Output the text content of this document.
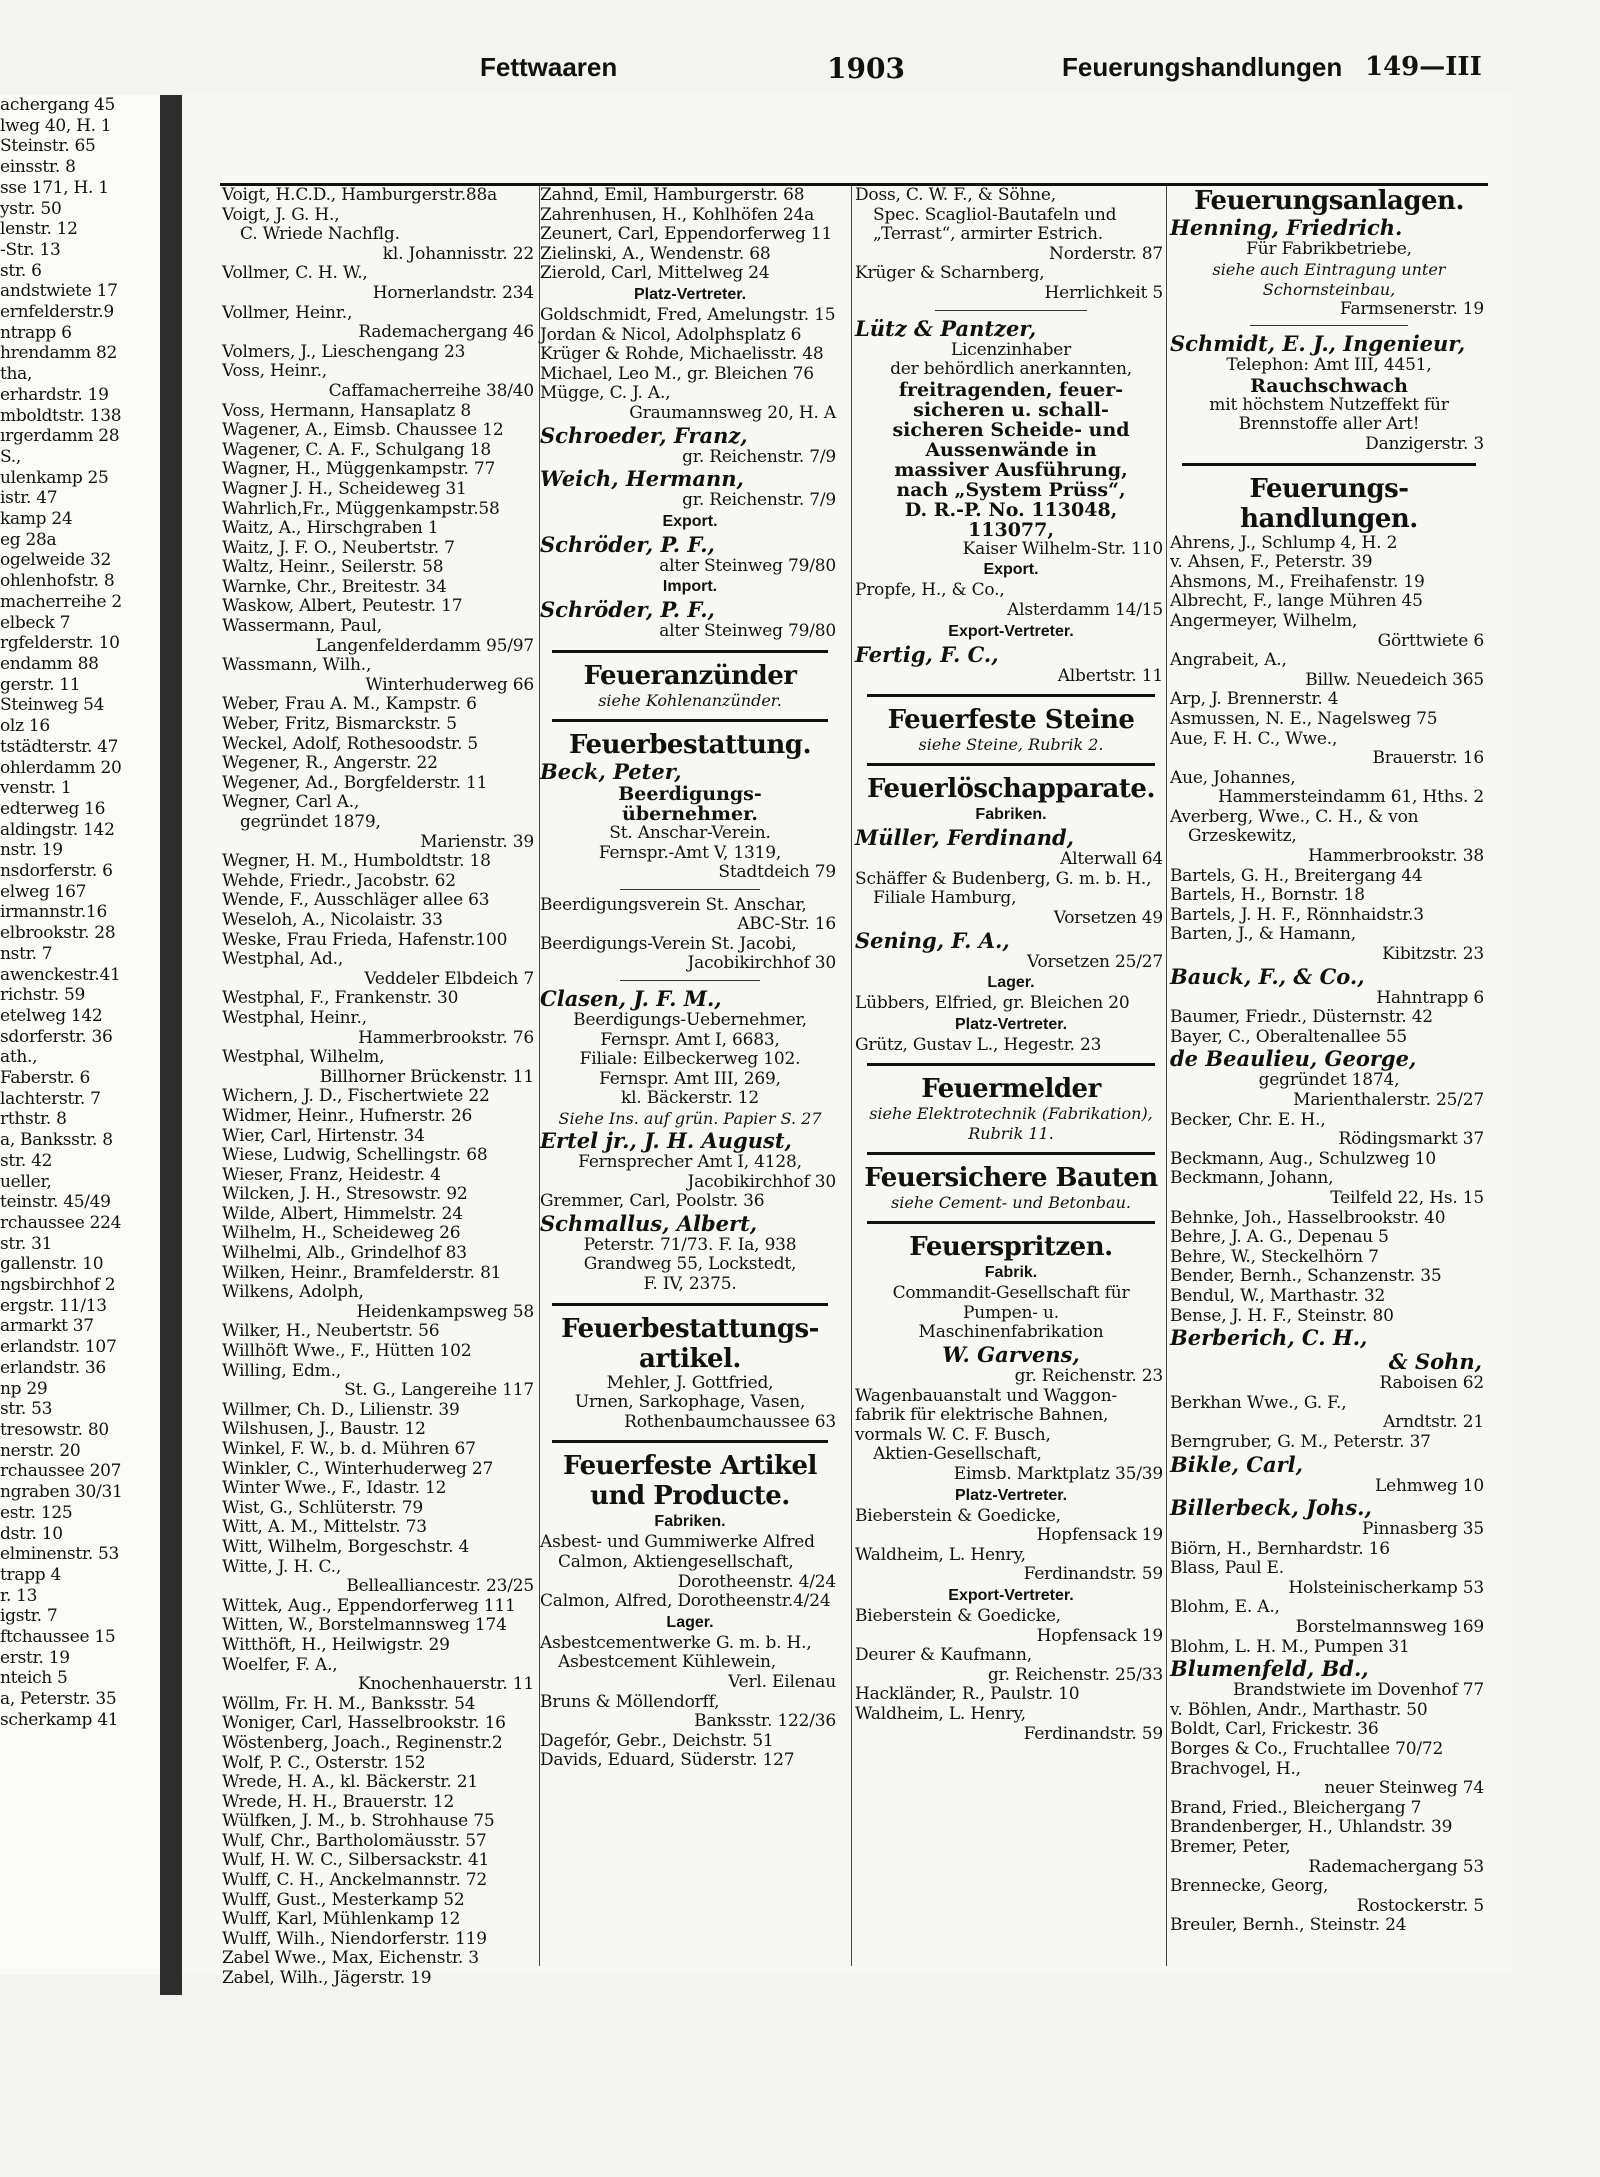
achergang 45
lweg 40, H. 1
Steinstr. 65
einsstr. 8
sse 171, H. 1
ystr. 50
lenstr. 12
-Str. 13
str. 6
andstwiete 17
ernfelderstr.9
ntrapp 6
hrendamm 82
tha,
erhardstr. 19
mboldtstr. 138
ırgerdamm 28
S.,
ulenkamp 25
istr. 47
kamp 24
eg 28a
ogelweide 32
ohlenhofstr. 8
macherreihe 2
elbeck 7
rgfelderstr. 10
endamm 88
gerstr. 11
Steinweg 54
olz 16
tstädterstr. 47
ohlerdamm 20
venstr. 1
edterweg 16
aldingstr. 142
nstr. 19
nsdorferstr. 6
elweg 167
irmannstr.16
elbrookstr. 28
nstr. 7
awenckestr.41
richstr. 59
etelweg 142
sdorferstr. 36
ath.,
Faberstr. 6
lachterstr. 7
rthstr. 8
a, Banksstr. 8
str. 42
ueller,
teinstr. 45/49
rchaussee 224
str. 31
gallenstr. 10
ngsbirchhof 2
ergstr. 11/13
armarkt 37
erlandstr. 107
erlandstr. 36
np 29
str. 53
tresowstr. 80
nerstr. 20
rchaussee 207
ngraben 30/31
estr. 125
dstr. 10
elminenstr. 53
trapp 4
r. 13
igstr. 7
ftchaussee 15
erstr. 19
nteich 5
a, Peterstr. 35
scherkamp 41
Fettwaaren	1903	Feuerungshandlungen 149—III
Voigt, H.C.D., Hamburgerstr.88a
Voigt, J. G. H.,
C. Wriede Nachflg.
kl. Johannisstr. 22
Vollmer, C. H. W.,
Hornerlandstr. 234
Vollmer, Heinr.,
Rademachergang 46
Volmers, J., Lieschengang 23
Voss, Heinr.,
Caffamacherreihe 38/40
Voss, Hermann, Hansaplatz 8
Wagener, A., Eimsb. Chaussee 12
Wagener, C. A. F., Schulgang 18
Wagner, H., Müggenkampstr. 77
Wagner J. H., Scheideweg 31
Wahrlich,Fr., Müggenkampstr.58
Waitz, A., Hirschgraben 1
Waitz, J. F. O., Neubertstr. 7
Waltz, Heinr., Seilerstr. 58
Warnke, Chr., Breitestr. 34
Waskow, Albert, Peutestr. 17
Wassermann, Paul,
Langenfelderdamm 95/97
Wassmann, Wilh.,
Winterhuderweg 66
Weber, Frau A. M., Kampstr. 6
Weber, Fritz, Bismarckstr. 5
Weckel, Adolf, Rothesoodstr. 5
Wegener, R., Angerstr. 22
Wegener, Ad., Borgfelderstr. 11
Wegner, Carl A.,
gegründet 1879,
Marienstr. 39
Wegner, H. M., Humboldtstr. 18
Wehde, Friedr., Jacobstr. 62
Wende, F., Ausschläger allee 63
Weseloh, A., Nicolaistr. 33
Weske, Frau Frieda, Hafenstr.100
Westphal, Ad.,
Veddeler Elbdeich 7
Westphal, F., Frankenstr. 30
Westphal, Heinr.,
Hammerbrookstr. 76
Westphal, Wilhelm,
Billhorner Brückenstr. 11
Wichern, J. D., Fischertwiete 22
Widmer, Heinr., Hufnerstr. 26
Wier, Carl, Hirtenstr. 34
Wiese, Ludwig, Schellingstr. 68
Wieser, Franz, Heidestr. 4
Wilcken, J. H., Stresowstr. 92
Wilde, Albert, Himmelstr. 24
Wilhelm, H., Scheideweg 26
Wilhelmi, Alb., Grindelhof 83
Wilken, Heinr., Bramfelderstr. 81
Wilkens, Adolph,
Heidenkampsweg 58
Wilker, H., Neubertstr. 56
Willhöft Wwe., F., Hütten 102
Willing, Edm.,
St. G., Langereihe 117
Willmer, Ch. D., Lilienstr. 39
Wilshusen, J., Baustr. 12
Winkel, F. W., b. d. Mühren 67
Winkler, C., Winterhuderweg 27
Winter Wwe., F., Idastr. 12
Wist, G., Schlüterstr. 79
Witt, A. M., Mittelstr. 73
Witt, Wilhelm, Borgeschstr. 4
Witte, J. H. C.,
Bellealliancestr. 23/25
Wittek, Aug., Eppendorferweg 111
Witten, W., Borstelmannsweg 174
Witthöft, H., Heilwigstr. 29
Woelfer, F. A.,
Knochenhauerstr. 11
Wöllm, Fr. H. M., Banksstr. 54
Woniger, Carl, Hasselbrookstr. 16
Wöstenberg, Joach., Reginenstr.2
Wolf, P. C., Osterstr. 152
Wrede, H. A., kl. Bäckerstr. 21
Wrede, H. H., Brauerstr. 12
Wülfken, J. M., b. Strohhause 75
Wulf, Chr., Bartholomäusstr. 57
Wulf, H. W. C., Silbersackstr. 41
Wulff, C. H., Anckelmannstr. 72
Wulff, Gust., Mesterkamp 52
Wulff, Karl, Mühlenkamp 12
Wulff, Wilh., Niendorferstr. 119
Zabel Wwe., Max, Eichenstr. 3
Zabel, Wilh., Jägerstr. 19
Zahnd, Emil, Hamburgerstr. 68
Zahrenhusen, H., Kohlhöfen 24a
Zeunert, Carl, Eppendorferweg 11
Zielinski, A., Wendenstr. 68
Zierold, Carl, Mittelweg 24
Platz-Vertreter.
Goldschmidt, Fred, Amelungstr. 15
Jordan & Nicol, Adolphsplatz 6
Krüger & Rohde, Michaelisstr. 48
Michael, Leo M., gr. Bleichen 76
Mügge, C. J. A.,
Graumannsweg 20, H. A
Schroeder, Franz,
gr. Reichenstr. 7/9
Weich, Hermann,
gr. Reichenstr. 7/9
Export.
Schröder, P. F.,
alter Steinweg 79/80
Import.
Schröder, P. F.,
alter Steinweg 79/80
Feueranzünder
siehe Kohlenanzünder.
Feuerbestattung.
Beck, Peter,
Beerdigungs-
übernehmer.
St. Anschar-Verein.
Fernspr.-Amt V, 1319,
Stadtdeich 79
Beerdigungsverein St. Anschar,
ABC-Str. 16
Beerdigungs-Verein St. Jacobi,
Jacobikirchhof 30
Clasen, J. F. M.,
Beerdigungs-Uebernehmer,
Fernspr. Amt I, 6683,
Filiale: Eilbeckerweg 102.
Fernspr. Amt III, 269,
kl. Bäckerstr. 12
Siehe Ins. auf grün. Papier S. 27
Ertel jr., J. H. August,
Fernsprecher Amt I, 4128,
Jacobikirchhof 30
Gremmer, Carl, Poolstr. 36
Schmallus, Albert,
Peterstr. 71/73. F. Ia, 938
Grandweg 55, Lockstedt,
F. IV, 2375.
Feuerbestattungs-
artikel.
Mehler, J. Gottfried,
Urnen, Sarkophage, Vasen,
Rothenbaumchaussee 63
Feuerfeste Artikel
und Producte.
Fabriken.
Asbest- und Gummiwerke Alfred
Calmon, Aktiengesellschaft,
Dorotheenstr. 4/24
Calmon, Alfred, Dorotheenstr.4/24
Lager.
Asbestcementwerke G. m. b. H.,
Asbestcement Kühlewein,
Verl. Eilenau
Bruns & Möllendorff,
Banksstr. 122/36
Dagefór, Gebr., Deichstr. 51
Davids, Eduard, Süderstr. 127
Doss, C. W. F., & Söhne,
Spec. Scagliol-Bautafeln und
„Terrast“, armirter Estrich.
Norderstr. 87
Krüger & Scharnberg,
Herrlichkeit 5
Lütz & Pantzer,
Licenzinhaber
der behördlich anerkannten,
freitragenden, feuer-
sicheren u. schall-
sicheren Scheide- und
Aussenwände in
massiver Ausführung,
nach „System Prüss“,
D. R.-P. No. 113048,
113077,
Kaiser Wilhelm-Str. 110
Export.
Propfe, H., & Co.,
Alsterdamm 14/15
Export-Vertreter.
Fertig, F. C.,
Albertstr. 11
Feuerfeste Steine
siehe Steine, Rubrik 2.
Feuerlöschapparate.
Fabriken.
Müller, Ferdinand,
Alterwall 64
Schäffer & Budenberg, G. m. b. H.,
Filiale Hamburg,
Vorsetzen 49
Sening, F. A.,
Vorsetzen 25/27
Lager.
Lübbers, Elfried, gr. Bleichen 20
Platz-Vertreter.
Grütz, Gustav L., Hegestr. 23
Feuermelder
siehe Elektrotechnik (Fabrikation),
Rubrik 11.
Feuersichere Bauten
siehe Cement- und Betonbau.
Feuerspritzen.
Fabrik.
Commandit-Gesellschaft für
Pumpen- u.
Maschinenfabrikation
W. Garvens,
gr. Reichenstr. 23
Wagenbauanstalt und Waggon-
fabrik für elektrische Bahnen,
vormals W. C. F. Busch,
Aktien-Gesellschaft,
Eimsb. Marktplatz 35/39
Platz-Vertreter.
Bieberstein & Goedicke,
Hopfensack 19
Waldheim, L. Henry,
Ferdinandstr. 59
Export-Vertreter.
Bieberstein & Goedicke,
Hopfensack 19
Deurer & Kaufmann,
gr. Reichenstr. 25/33
Hackländer, R., Paulstr. 10
Waldheim, L. Henry,
Ferdinandstr. 59
Feuerungsanlagen.
Henning, Friedrich.
Für Fabrikbetriebe,
siehe auch Eintragung unter
Schornsteinbau,
Farmsenerstr. 19
Schmidt, E. J., Ingenieur,
Telephon: Amt III, 4451,
Rauchschwach
mit höchstem Nutzeffekt für
Brennstoffe aller Art!
Danzigerstr. 3
Feuerungs-
handlungen.
Ahrens, J., Schlump 4, H. 2
v. Ahsen, F., Peterstr. 39
Ahsmons, M., Freihafenstr. 19
Albrecht, F., lange Mühren 45
Angermeyer, Wilhelm,
Görttwiete 6
Angrabeit, A.,
Billw. Neuedeich 365
Arp, J. Brennerstr. 4
Asmussen, N. E., Nagelsweg 75
Aue, F. H. C., Wwe.,
Brauerstr. 16
Aue, Johannes,
Hammersteindamm 61, Hths. 2
Averberg, Wwe., C. H., & von
Grzeskewitz,
Hammerbrookstr. 38
Bartels, G. H., Breitergang 44
Bartels, H., Bornstr. 18
Bartels, J. H. F., Rönnhaidstr.3
Barten, J., & Hamann,
Kibitzstr. 23
Bauck, F., & Co.,
Hahntrapp 6
Baumer, Friedr., Düsternstr. 42
Bayer, C., Oberaltenallee 55
de Beaulieu, George,
gegründet 1874,
Marienthalerstr. 25/27
Becker, Chr. E. H.,
Rödingsmarkt 37
Beckmann, Aug., Schulzweg 10
Beckmann, Johann,
Teilfeld 22, Hs. 15
Behnke, Joh., Hasselbrookstr. 40
Behre, J. A. G., Depenau 5
Behre, W., Steckelhörn 7
Bender, Bernh., Schanzenstr. 35
Bendul, W., Marthastr. 32
Bense, J. H. F., Steinstr. 80
Berberich, C. H.,
& Sohn,
Raboisen 62
Berkhan Wwe., G. F.,
Arndtstr. 21
Berngruber, G. M., Peterstr. 37
Bikle, Carl,
Lehmweg 10
Billerbeck, Johs.,
Pinnasberg 35
Biörn, H., Bernhardstr. 16
Blass, Paul E.
Holsteinischerkamp 53
Blohm, E. A.,
Borstelmannsweg 169
Blohm, L. H. M., Pumpen 31
Blumenfeld, Bd.,
Brandstwiete im Dovenhof 77
v. Böhlen, Andr., Marthastr. 50
Boldt, Carl, Frickestr. 36
Borges & Co., Fruchtallee 70/72
Brachvogel, H.,
neuer Steinweg 74
Brand, Fried., Bleichergang 7
Brandenberger, H., Uhlandstr. 39
Bremer, Peter,
Rademachergang 53
Brennecke, Georg,
Rostockerstr. 5
Breuler, Bernh., Steinstr. 24
